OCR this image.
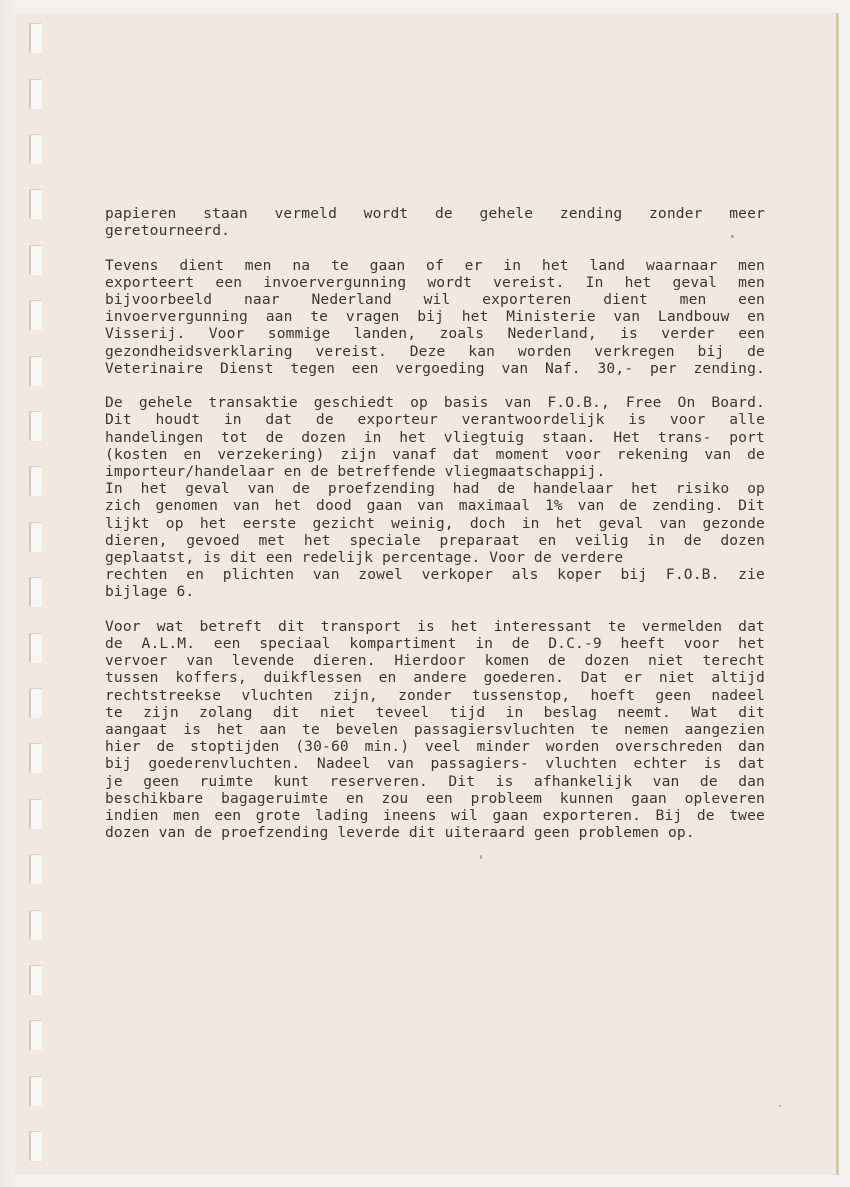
papieren staan vermeld wordt de gehele zending zonder meer
geretourneerd.
Tevens dient men na te gaan of er in het land waarnaar men
exporteert een invoervergunning wordt vereist. In het geval men
bijvoorbeeld naar Nederland wil exporteren dient men een
invoervergunning aan te vragen bij het Ministerie van Landbouw en
Visserij. Voor sommige landen, zoals Nederland, is verder een
gezondheidsverklaring vereist. Deze kan worden verkregen bij de
Veterinaire Dienst tegen een vergoeding van Naf. 30,- per zending.
De gehele transaktie geschiedt op basis van F.O.B., Free On Board.
Dit houdt in dat de exporteur verantwoordelijk is voor alle
handelingen tot de dozen in het vliegtuig staan. Het trans- port
(kosten en verzekering) zijn vanaf dat moment voor rekening van de
importeur/handelaar en de betreffende vliegmaatschappij.
In het geval van de proefzending had de handelaar het risiko op
zich genomen van het dood gaan van maximaal 1% van de zending. Dit
lijkt op het eerste gezicht weinig, doch in het geval van gezonde
dieren, gevoed met het speciale preparaat en veilig in de dozen
geplaatst, is dit een redelijk percentage. Voor de verdere
rechten en plichten van zowel verkoper als koper bij F.O.B. zie
bijlage 6.
Voor wat betreft dit transport is het interessant te vermelden dat
de A.L.M. een speciaal kompartiment in de D.C.-9 heeft voor het
vervoer van levende dieren. Hierdoor komen de dozen niet terecht
tussen koffers, duikflessen en andere goederen. Dat er niet altijd
rechtstreekse vluchten zijn, zonder tussenstop, hoeft geen nadeel
te zijn zolang dit niet teveel tijd in beslag neemt. Wat dit
aangaat is het aan te bevelen passagiersvluchten te nemen aangezien
hier de stoptijden (30-60 min.) veel minder worden overschreden dan
bij goederenvluchten. Nadeel van passagiers- vluchten echter is dat
je geen ruimte kunt reserveren. Dit is afhankelijk van de dan
beschikbare bagageruimte en zou een probleem kunnen gaan opleveren
indien men een grote lading ineens wil gaan exporteren. Bij de twee
dozen van de proefzending leverde dit uiteraard geen problemen op.
